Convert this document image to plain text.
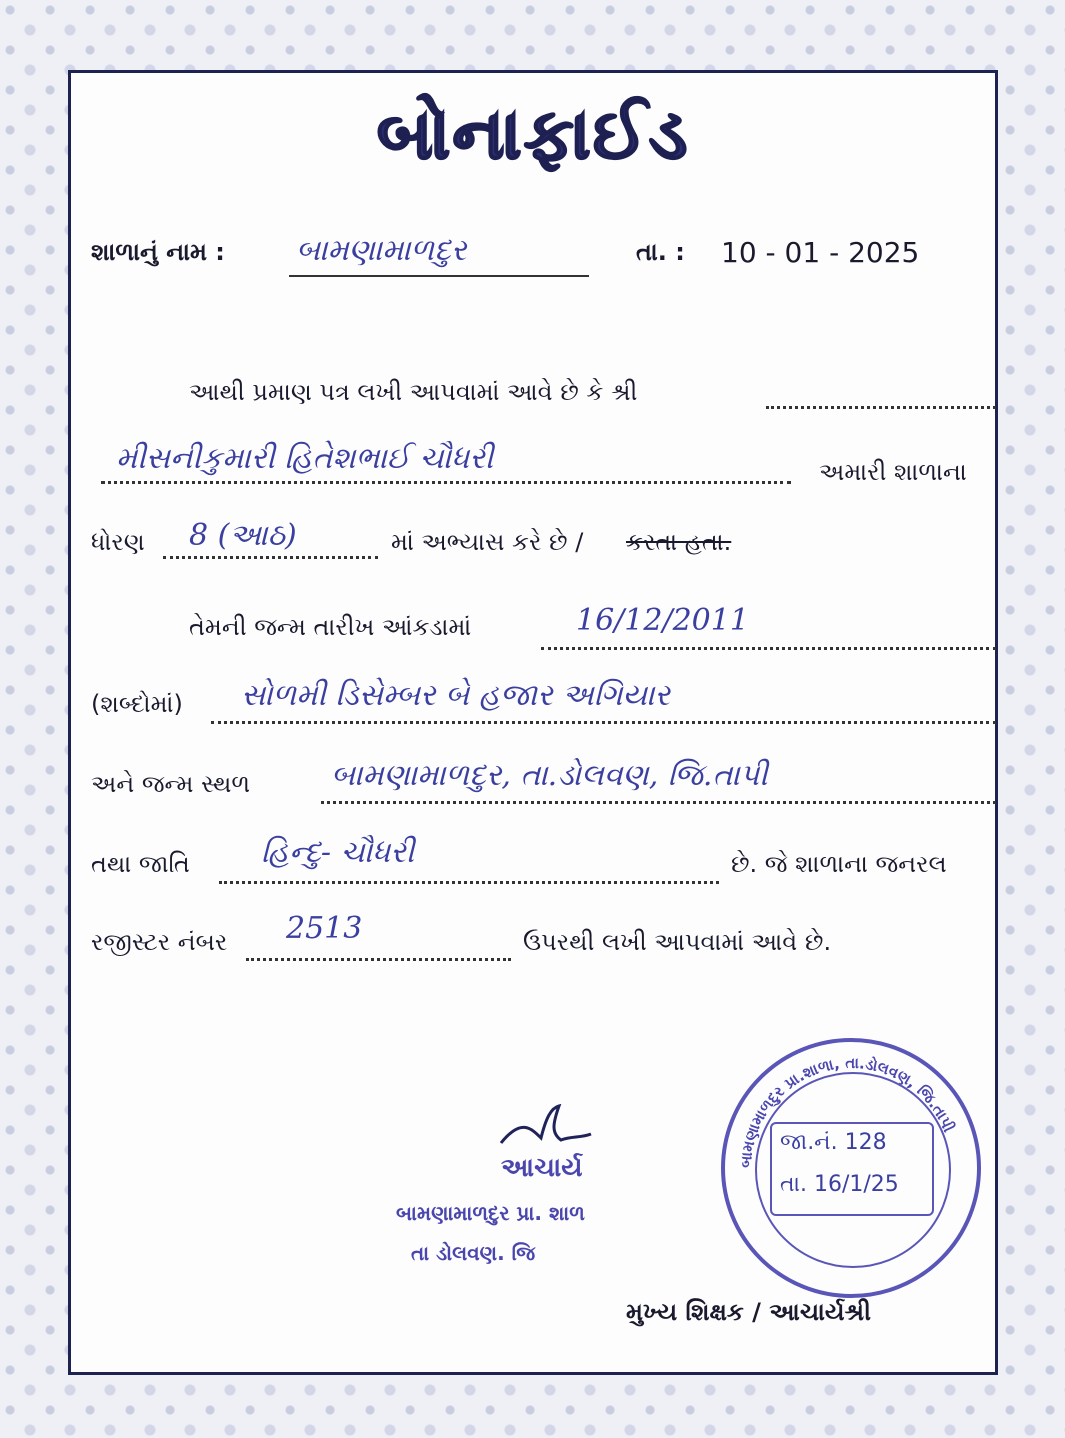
બોનાફાઈડ
શાળાનું નામ : બામણામાળદુર	તા. : 10 - 01 - 2025
આથી પ્રમાણ પત્ર લખી આપવામાં આવે છે કે શ્રી
મીસનીકુમારી હિતેશભાઈ ચૌધરી	અમારી શાળાના
ધોરણ 8 (આઠ)	માં અભ્યાસ કરે છે / કરતા હતા.
તેમની જન્મ તારીખ આંકડામાં	16/12/2011
(શબ્દોમાં) સોળમી ડિસેમ્બર બે હજાર અગિયાર
અને જન્મ સ્થળ	બામણામાળદુર, તા.ડોલવણ, જિ.તાપી
તથા જાતિ હિન્દુ- ચૌધરી	છે. જે શાળાના જનરલ
રજીસ્ટર નંબર 2513	ઉપરથી લખી આપવામાં આવે છે.
આચાર્ય
બામણામાળદુર પ્રા. શાળ
તા ડોલવણ. જિ
બામણામાળદુર પ્રા.શાળા, તા.ડોલવણ, જિ.તાપી
જા.નં. 128
તા. 16/1/25
મુખ્ય શિક્ષક / આચાર્યશ્રી
